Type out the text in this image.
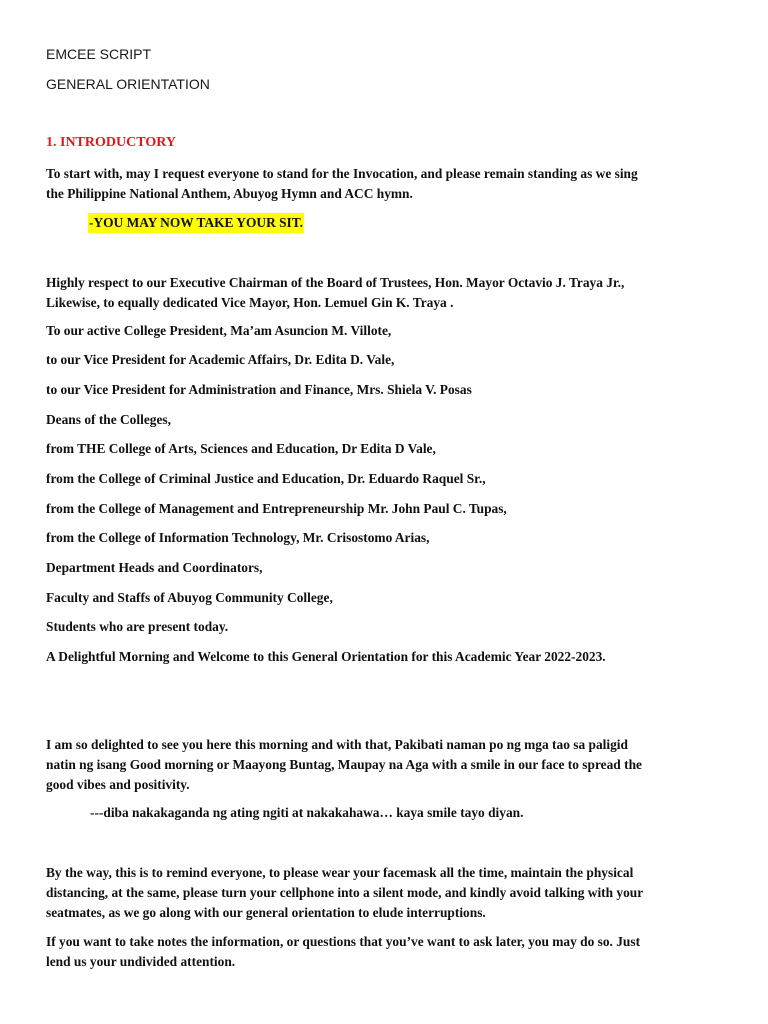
EMCEE SCRIPT
GENERAL ORIENTATION
1. INTRODUCTORY
To start with, may I request everyone to stand for the Invocation, and please remain standing as we sing
the Philippine National Anthem, Abuyog Hymn and ACC hymn.
-YOU MAY NOW TAKE YOUR SIT.
Highly respect to our Executive Chairman of the Board of Trustees, Hon. Mayor Octavio J. Traya Jr.,
Likewise, to equally dedicated Vice Mayor, Hon. Lemuel Gin K. Traya .
To our active College President, Ma’am Asuncion M. Villote,
to our Vice President for Academic Affairs, Dr. Edita D. Vale,
to our Vice President for Administration and Finance, Mrs. Shiela V. Posas
Deans of the Colleges,
from THE College of Arts, Sciences and Education, Dr Edita D Vale,
from the College of Criminal Justice and Education, Dr. Eduardo Raquel Sr.,
from the College of Management and Entrepreneurship Mr. John Paul C. Tupas,
from the College of Information Technology, Mr. Crisostomo Arias,
Department Heads and Coordinators,
Faculty and Staffs of Abuyog Community College,
Students who are present today.
A Delightful Morning and Welcome to this General Orientation for this Academic Year 2022-2023.
I am so delighted to see you here this morning and with that, Pakibati naman po ng mga tao sa paligid
natin ng isang Good morning or Maayong Buntag, Maupay na Aga with a smile in our face to spread the
good vibes and positivity.
---diba nakakaganda ng ating ngiti at nakakahawa… kaya smile tayo diyan.
By the way, this is to remind everyone, to please wear your facemask all the time, maintain the physical
distancing, at the same, please turn your cellphone into a silent mode, and kindly avoid talking with your
seatmates, as we go along with our general orientation to elude interruptions.
If you want to take notes the information, or questions that you’ve want to ask later, you may do so. Just
lend us your undivided attention.
